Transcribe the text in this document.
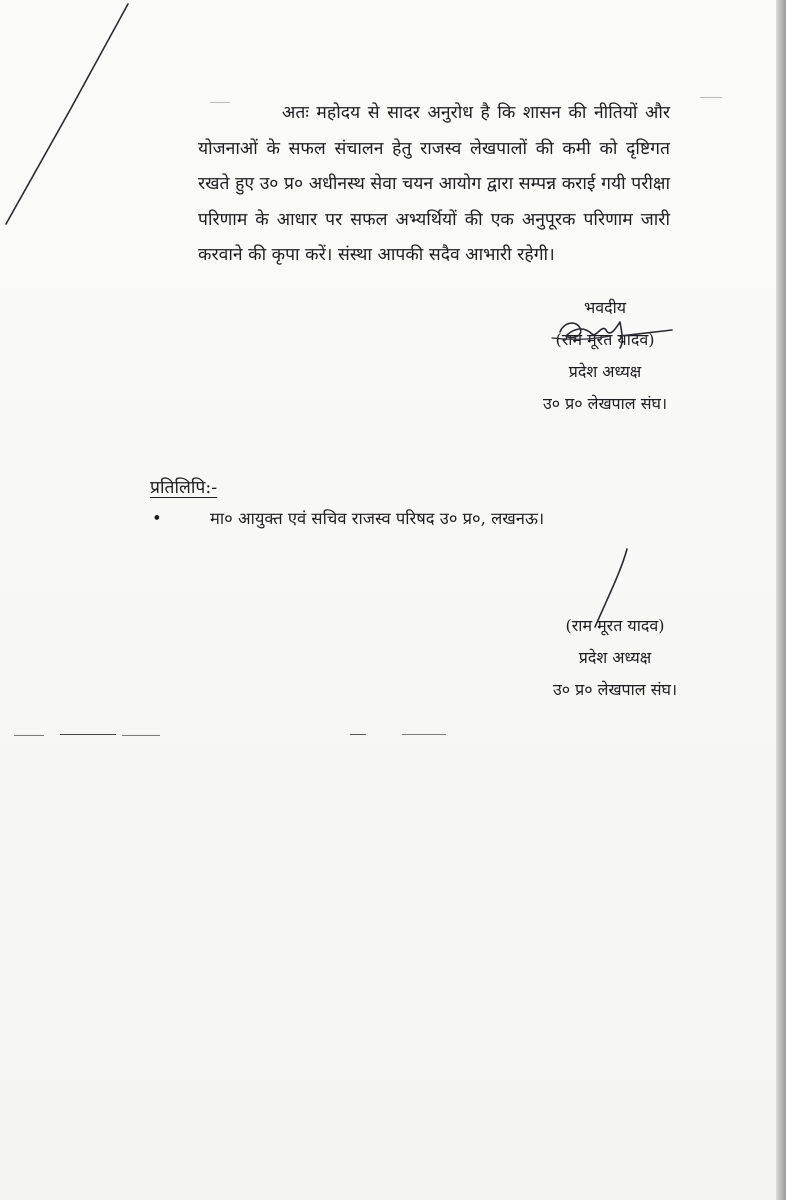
अतः महोदय से सादर अनुरोध है कि शासन की नीतियों और योजनाओं के सफल संचालन हेतु राजस्व लेखपालों की कमी को दृष्टिगत रखते हुए उ० प्र० अधीनस्थ सेवा चयन आयोग द्वारा सम्पन्न कराई गयी परीक्षा परिणाम के आधार पर सफल अभ्यर्थियों की एक अनुपूरक परिणाम जारी करवाने की कृपा करें। संस्था आपकी सदैव आभारी रहेगी।

भवदीय
(राम मूरत यादव)
प्रदेश अध्यक्ष
उ० प्र० लेखपाल संघ।
प्रतिलिपि:-
•	मा० आयुक्त एवं सचिव राजस्व परिषद उ० प्र०, लखनऊ।
(राम मूरत यादव)
प्रदेश अध्यक्ष
उ० प्र० लेखपाल संघ।
